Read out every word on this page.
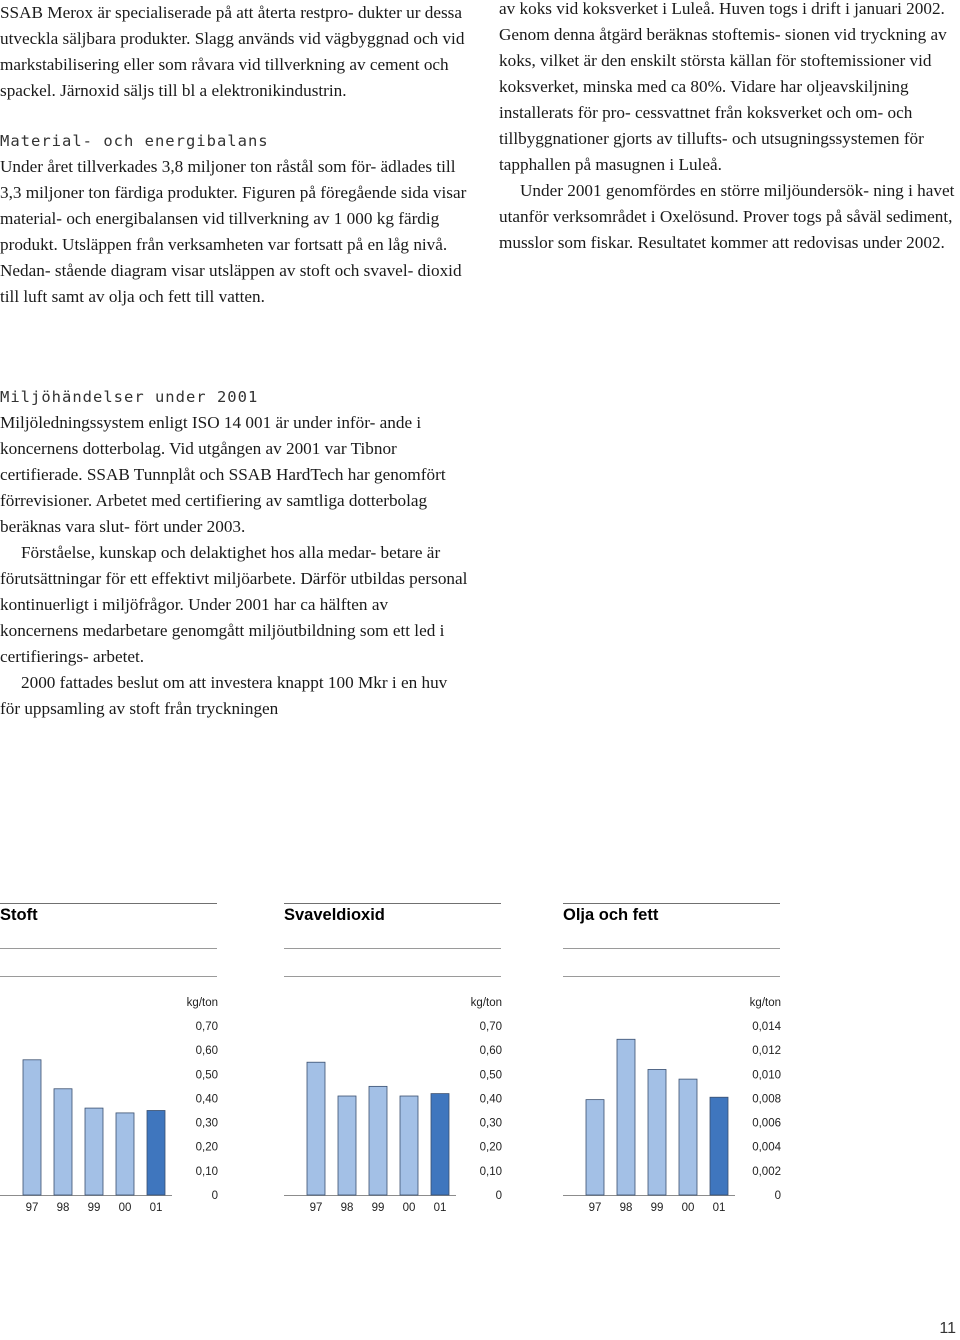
SSAB Merox är specialiserade på att återta restpro- dukter ur dessa utveckla säljbara produkter. Slagg används vid vägbyggnad och vid markstabilisering eller som råvara vid tillverkning av cement och spackel. Järnoxid säljs till bl a elektronikindustrin.

Material- och energibalans

Under året tillverkades 3,8 miljoner ton råstål som för- ädlades till 3,3 miljoner ton färdiga produkter. Figuren på föregående sida visar material- och energibalansen vid tillverkning av 1 000 kg färdig produkt. Utsläppen från verksamheten var fortsatt på en låg nivå. Nedan- stående diagram visar utsläppen av stoft och svavel- dioxid till luft samt av olja och fett till vatten.

Miljöhändelser under 2001

Miljöledningssystem enligt ISO 14 001 är under inför- ande i koncernens dotterbolag. Vid utgången av 2001 var Tibnor certifierade. SSAB Tunnplåt och SSAB HardTech har genomfört förrevisioner. Arbetet med certifiering av samtliga dotterbolag beräknas vara slut- fört under 2003.

Förståelse, kunskap och delaktighet hos alla medar- betare är förutsättningar för ett effektivt miljöarbete. Därför utbildas personal kontinuerligt i miljöfrågor. Under 2001 har ca hälften av koncernens medarbetare genomgått miljöutbildning som ett led i certifierings- arbetet.

2000 fattades beslut om att investera knappt 100 Mkr i en huv för uppsamling av stoft från tryckningen

av koks vid koksverket i Luleå. Huven togs i drift i januari 2002. Genom denna åtgärd beräknas stoftemis- sionen vid tryckning av koks, vilket är den enskilt största källan för stoftemissioner vid koksverket, minska med ca 80%. Vidare har oljeavskiljning installerats för pro- cessvattnet från koksverket och om- och tillbyggnationer gjorts av tillufts- och utsugningssystemen för tapphallen på masugnen i Luleå.

Under 2001 genomfördes en större miljöundersök- ning i havet utanför verksområdet i Oxelösund. Prover togs på såväl sediment, musslor som fiskar. Resultatet kommer att redovisas under 2002.

Stoft	Svaveldioxid	Olja och fett
kg/ton
0
0,10
0,20
0,30
0,40
0,50
0,60
0,70
97 98 99 00 01
kg/ton
0
0,10
0,20
0,30
0,40
0,50
0,60
0,70
97 98 99 00 01
kg/ton
0
0,002
0,004
0,006
0,008
0,010
0,012
0,014
97 98 99 00 01
11
